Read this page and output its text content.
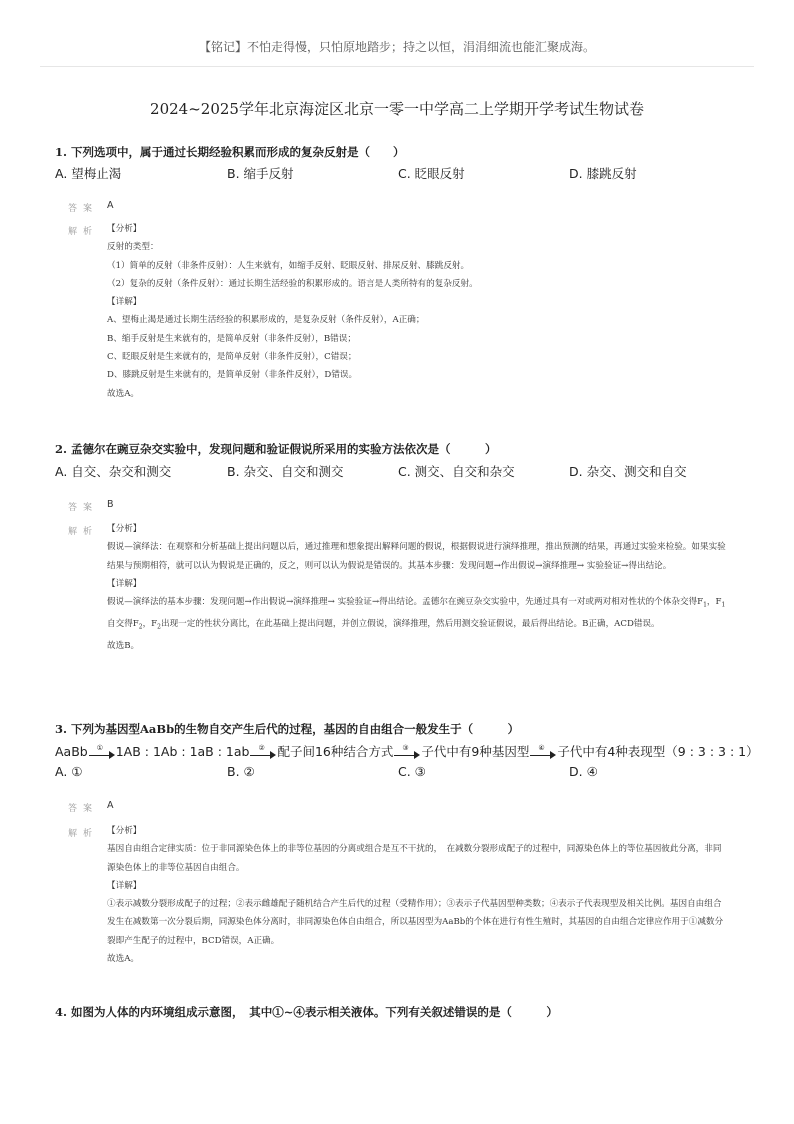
【铭记】不怕走得慢，只怕原地踏步；持之以恒，涓涓细流也能汇聚成海。
2024~2025学年北京海淀区北京一零一中学高二上学期开学考试生物试卷
1. 下列选项中，属于通过长期经验积累而形成的复杂反射是（　　）
A. 望梅止渴	B. 缩手反射	C. 眨眼反射	D. 膝跳反射
答案 A
解析 【分析】
反射的类型：
（1）简单的反射（非条件反射）：人生来就有，如缩手反射、眨眼反射、排尿反射、膝跳反射。
（2）复杂的反射（条件反射）：通过长期生活经验的积累形成的。语言是人类所特有的复杂反射。
【详解】
A、望梅止渴是通过长期生活经验的积累形成的，是复杂反射（条件反射），A正确；
B、缩手反射是生来就有的，是简单反射（非条件反射），B错误；
C、眨眼反射是生来就有的，是简单反射（非条件反射），C错误；
D、膝跳反射是生来就有的，是简单反射（非条件反射），D错误。
故选A。
2. 孟德尔在豌豆杂交实验中，发现问题和验证假说所采用的实验方法依次是（　　　）
A. 自交、杂交和测交	B. 杂交、自交和测交	C. 测交、自交和杂交	D. 杂交、测交和自交
答案 B
解析 【分析】
假说—演绎法：在观察和分析基础上提出问题以后，通过推理和想象提出解释问题的假说，根据假说进行演绎推理，推出预测的结果，再通过实验来检验。如果实验结果与预期相符，就可以认为假说是正确的，反之，则可以认为假说是错误的。其基本步骤：发现问题→作出假说→演绎推理→ 实验验证→得出结论。
【详解】
假说—演绎法的基本步骤：发现问题→作出假说→演绎推理→ 实验验证→得出结论。孟德尔在豌豆杂交实验中，先通过具有一对或两对相对性状的个体杂交得$F_1$，$F_1$自交得$F_2$，$F_2$出现一定的性状分离比，在此基础上提出问题，并创立假说，演绎推理，然后用测交验证假说，最后得出结论。B正确，ACD错误。
故选B。
3. 下列为基因型AaBb的生物自交产生后代的过程，基因的自由组合一般发生于（　　　）
AaBb ① 1AB : 1Ab : 1aB : 1ab ② 配子间16种结合方式 ③ 子代中有9种基因型 ④ 子代中有4种表现型（9 : 3 : 3 : 1）
A. ①	B. ②	C. ③	D. ④
答案 A
解析 【分析】
基因自由组合定律实质：位于非同源染色体上的非等位基因的分离或组合是互不干扰的，　在减数分裂形成配子的过程中，同源染色体上的等位基因彼此分离，非同源染色体上的非等位基因自由组合。
【详解】
①表示减数分裂形成配子的过程；②表示雌雄配子随机结合产生后代的过程（受精作用）；③表示子代基因型种类数；④表示子代表现型及相关比例。基因自由组合发生在减数第一次分裂后期，同源染色体分离时，非同源染色体自由组合，所以基因型为AaBb的个体在进行有性生殖时，其基因的自由组合定律应作用于①减数分裂即产生配子的过程中，BCD错误，A正确。
故选A。
4. 如图为人体的内环境组成示意图，　其中①~④表示相关液体。下列有关叙述错误的是（　　　）
